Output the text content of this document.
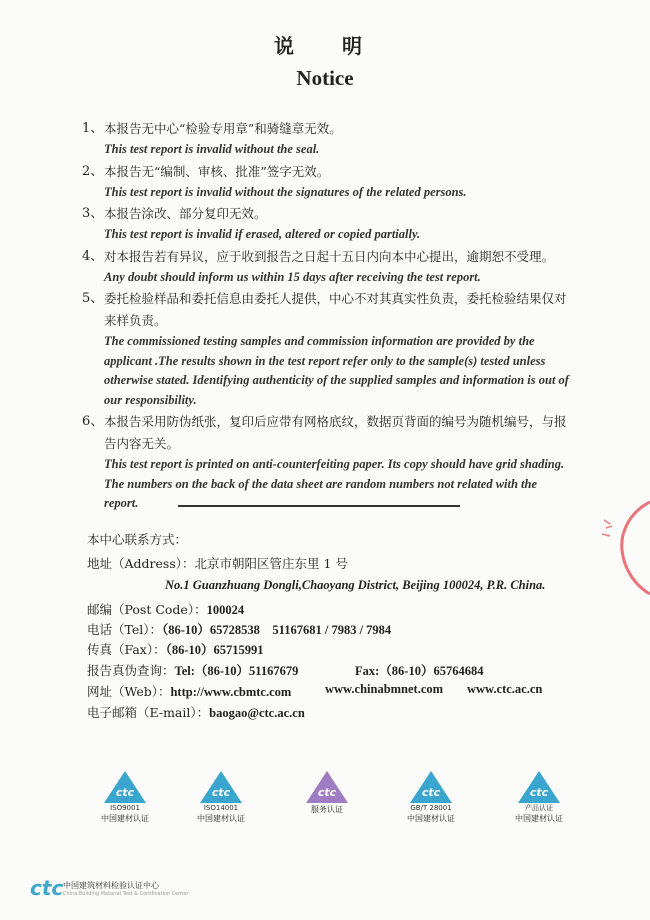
说　明
Notice
1、 本报告无中心“检验专用章”和骑缝章无效。
This test report is invalid without the seal.
2、 本报告无“编制、审核、批准”签字无效。
This test report is invalid without the signatures of the related persons.
3、 本报告涂改、部分复印无效。
This test report is invalid if erased, altered or copied partially.
4、 对本报告若有异议，应于收到报告之日起十五日内向本中心提出，逾期恕不受理。
Any doubt should inform us within 15 days after receiving the test report.
5、 委托检验样品和委托信息由委托人提供，中心不对其真实性负责，委托检验结果仅对来样负责。
The commissioned testing samples and commission information are provided by the applicant .The results shown in the test report refer only to the sample(s) tested unless otherwise stated. Identifying authenticity of the supplied samples and information is out of our responsibility.
6、 本报告采用防伪纸张，复印后应带有网格底纹，数据页背面的编号为随机编号，与报告内容无关。
This test report is printed on anti-counterfeiting paper. Its copy should have grid shading. The numbers on the back of the data sheet are random numbers not related with the report.
本中心联系方式：
地址（Address）：北京市朝阳区管庄东里 1 号
No.1 Guanzhuang Dongli,Chaoyang District, Beijing 100024, P.R. China.
邮编（Post Code）：100024
电话（Tel）：（86-10）65728538　51167681 / 7983 / 7984
传真（Fax）：（86-10）65715991
报告真伪查询：Tel:（86-10）51167679	Fax:（86-10）65764684
网址（Web）：http://www.cbmtc.com	www.chinabmnet.com www.ctc.ac.cn
电子邮箱（E-mail）：baogao@ctc.ac.cn
ctc
ISO9001
中国建材认证
ctc
ISO14001
中国建材认证
ctc
服务认证
ctc
GB/T 28001
中国建材认证
ctc
产品认证
中国建材认证
ctc 中国建筑材料检验认证中心
China Building Material Test & Certification Center
